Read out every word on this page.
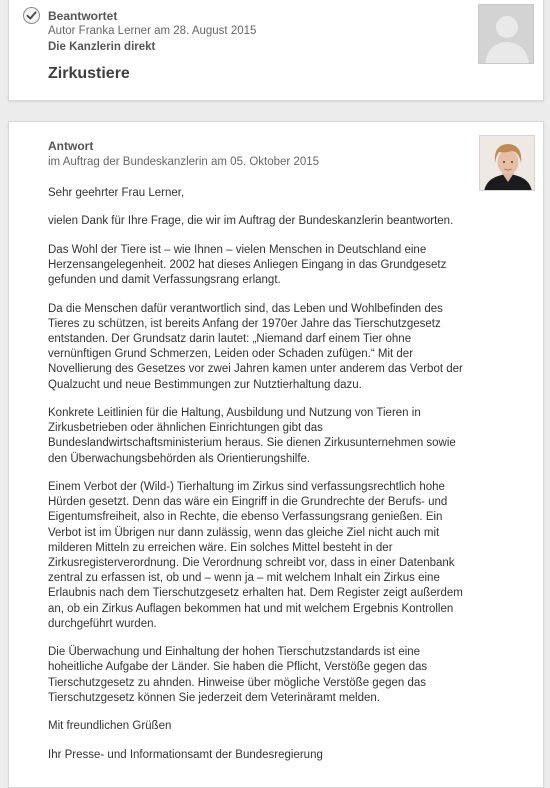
Beantwortet
Autor Franka Lerner am 28. August 2015
Die Kanzlerin direkt
Zirkustiere
Antwort
im Auftrag der Bundeskanzlerin am 05. Oktober 2015

Sehr geehrter Frau Lerner,

vielen Dank für Ihre Frage, die wir im Auftrag der Bundeskanzlerin beantworten.

Das Wohl der Tiere ist – wie Ihnen – vielen Menschen in Deutschland eine Herzensangelegenheit. 2002 hat dieses Anliegen Eingang in das Grundgesetz gefunden und damit Verfassungsrang erlangt.

Da die Menschen dafür verantwortlich sind, das Leben und Wohlbefinden des Tieres zu schützen, ist bereits Anfang der 1970er Jahre das Tierschutzgesetz entstanden. Der Grundsatz darin lautet: „Niemand darf einem Tier ohne vernünftigen Grund Schmerzen, Leiden oder Schaden zufügen.“ Mit der Novellierung des Gesetzes vor zwei Jahren kamen unter anderem das Verbot der Qualzucht und neue Bestimmungen zur Nutztierhaltung dazu.

Konkrete Leitlinien für die Haltung, Ausbildung und Nutzung von Tieren in Zirkusbetrieben oder ähnlichen Einrichtungen gibt das Bundeslandwirtschaftsministerium heraus. Sie dienen Zirkusunternehmen sowie den Überwachungsbehörden als Orientierungshilfe.

Einem Verbot der (Wild-) Tierhaltung im Zirkus sind verfassungsrechtlich hohe Hürden gesetzt. Denn das wäre ein Eingriff in die Grundrechte der Berufs- und Eigentumsfreiheit, also in Rechte, die ebenso Verfassungsrang genießen. Ein Verbot ist im Übrigen nur dann zulässig, wenn das gleiche Ziel nicht auch mit milderen Mitteln zu erreichen wäre. Ein solches Mittel besteht in der Zirkusregisterverordnung. Die Verordnung schreibt vor, dass in einer Datenbank zentral zu erfassen ist, ob und – wenn ja – mit welchem Inhalt ein Zirkus eine Erlaubnis nach dem Tierschutzgesetz erhalten hat. Dem Register zeigt außerdem an, ob ein Zirkus Auflagen bekommen hat und mit welchem Ergebnis Kontrollen durchgeführt wurden.

Die Überwachung und Einhaltung der hohen Tierschutzstandards ist eine hoheitliche Aufgabe der Länder. Sie haben die Pflicht, Verstöße gegen das Tierschutzgesetz zu ahnden. Hinweise über mögliche Verstöße gegen das Tierschutzgesetz können Sie jederzeit dem Veterinäramt melden.

Mit freundlichen Grüßen

Ihr Presse- und Informationsamt der Bundesregierung
